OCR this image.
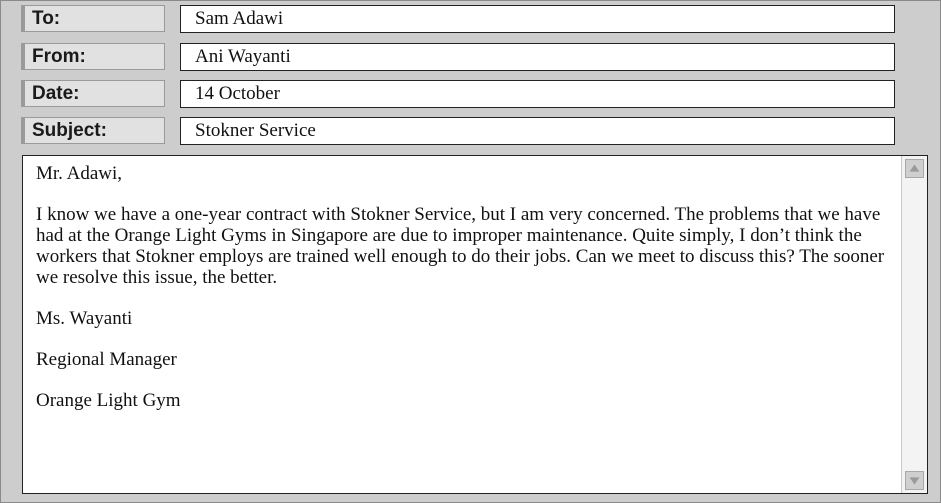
To:	Sam Adawi
From:	Ani Wayanti
Date:	14 October
Subject:	Stokner Service

Mr. Adawi,

I know we have a one-year contract with Stokner Service, but I am very concerned. The problems that we have had at the Orange Light Gyms in Singapore are due to improper maintenance. Quite simply, I don’t think the workers that Stokner employs are trained well enough to do their jobs. Can we meet to discuss this? The sooner we resolve this issue, the better.

Ms. Wayanti

Regional Manager

Orange Light Gym
